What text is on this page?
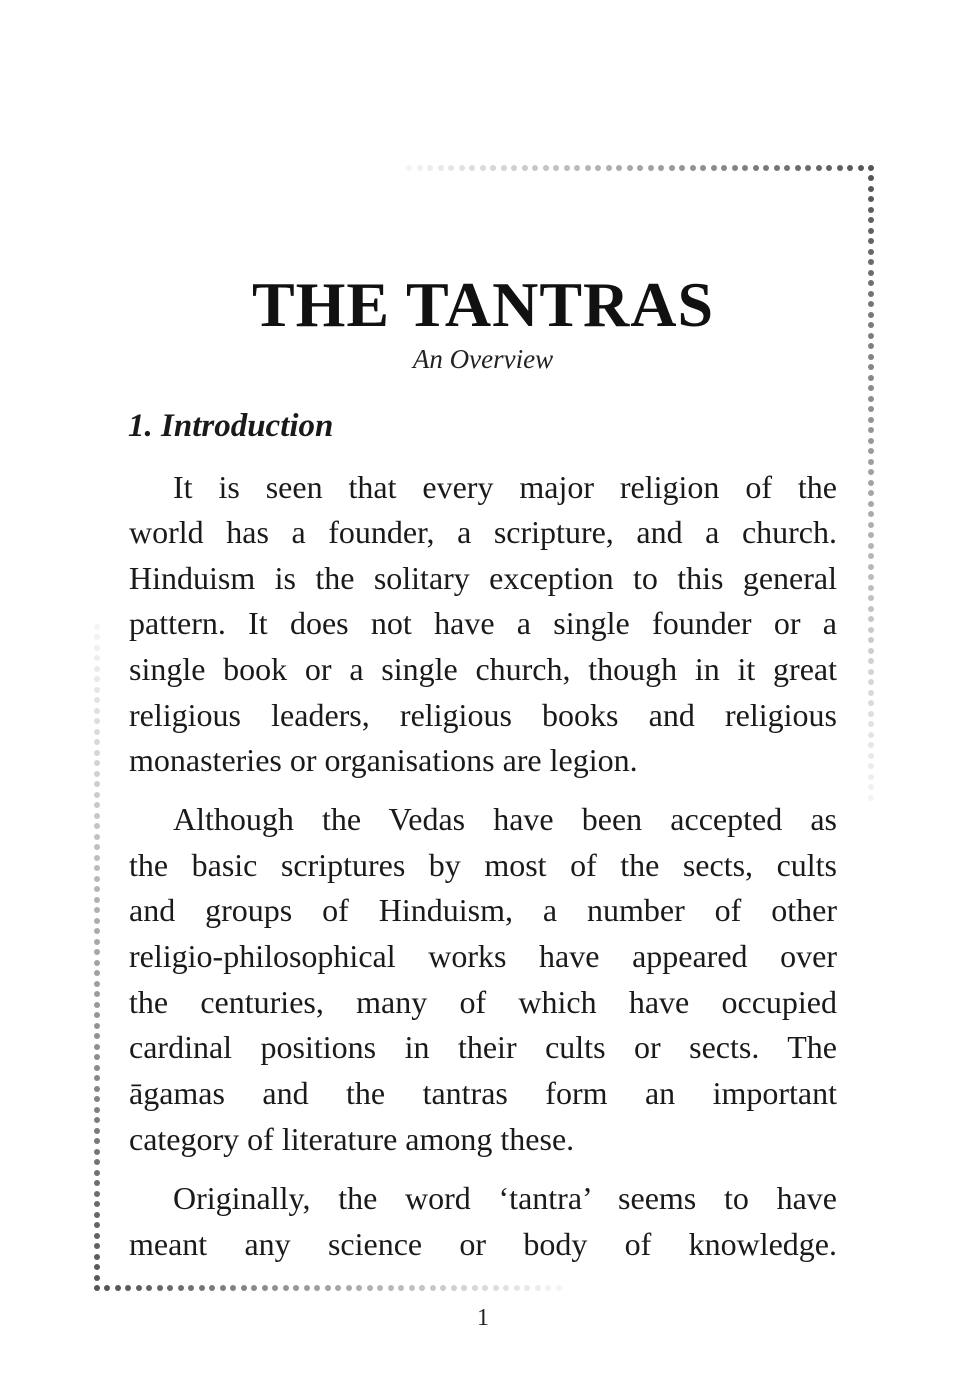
THE TANTRAS
An Overview
1. Introduction
It is seen that every major religion of the
world has a founder, a scripture, and a church.
Hinduism is the solitary exception to this general
pattern. It does not have a single founder or a
single book or a single church, though in it great
religious leaders, religious books and religious
monasteries or organisations are legion.
Although the Vedas have been accepted as
the basic scriptures by most of the sects, cults
and groups of Hinduism, a number of other
religio-philosophical works have appeared over
the centuries, many of which have occupied
cardinal positions in their cults or sects. The
āgamas and the tantras form an important
category of literature among these.
Originally, the word ‘tantra’ seems to have
meant any science or body of knowledge.
1
